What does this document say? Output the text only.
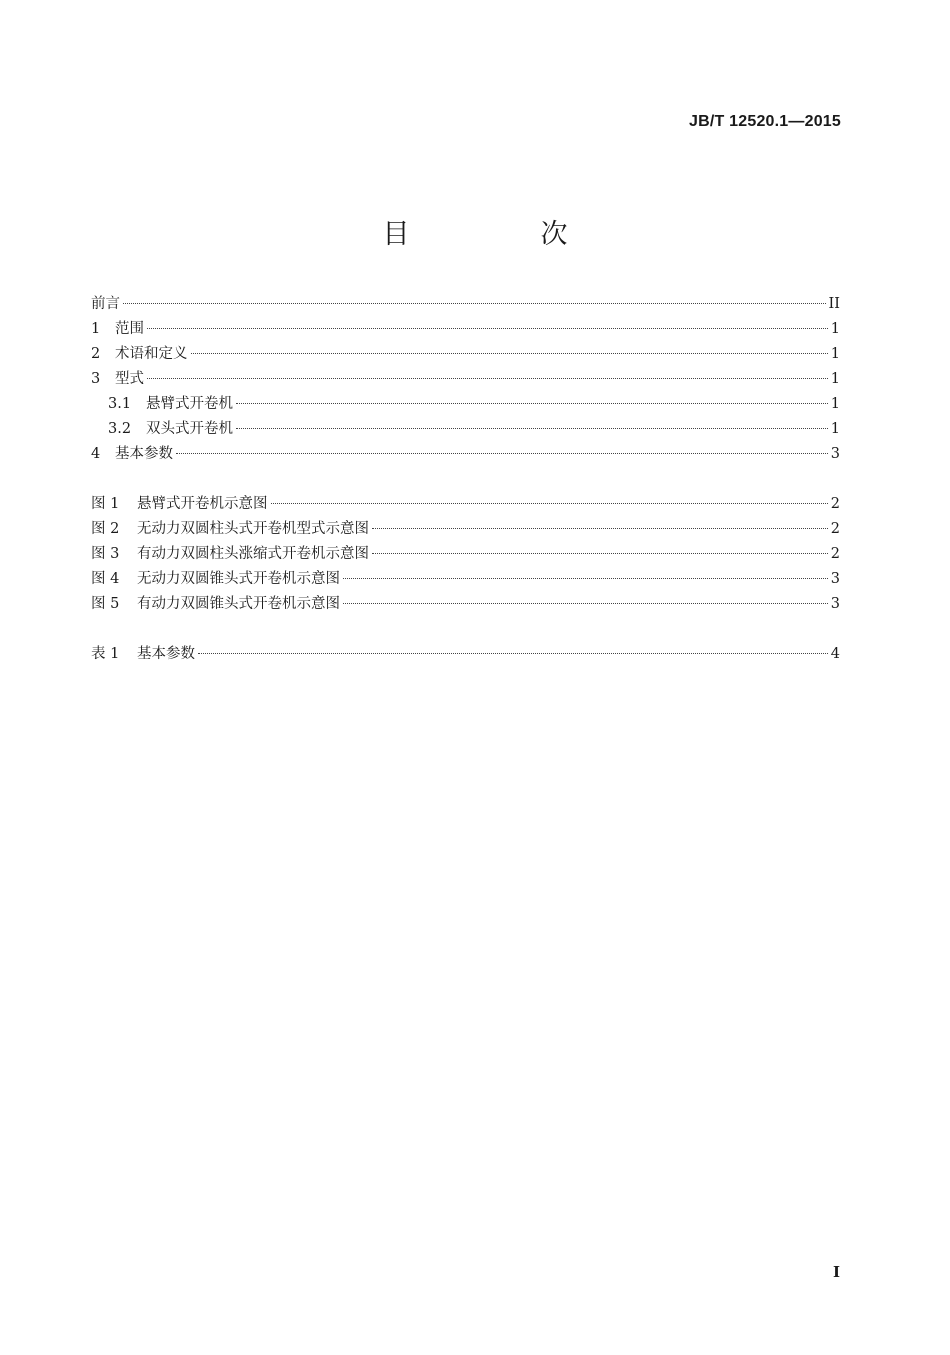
JB/T 12520.1—2015
目　次
前言	II
1	范围	1
2	术语和定义	1
3	型式	1
3.1	悬臂式开卷机	1
3.2	双头式开卷机	1
4	基本参数	3
图 1	悬臂式开卷机示意图	2
图 2	无动力双圆柱头式开卷机型式示意图	2
图 3	有动力双圆柱头涨缩式开卷机示意图	2
图 4	无动力双圆锥头式开卷机示意图	3
图 5	有动力双圆锥头式开卷机示意图	3
表 1	基本参数	4
I
